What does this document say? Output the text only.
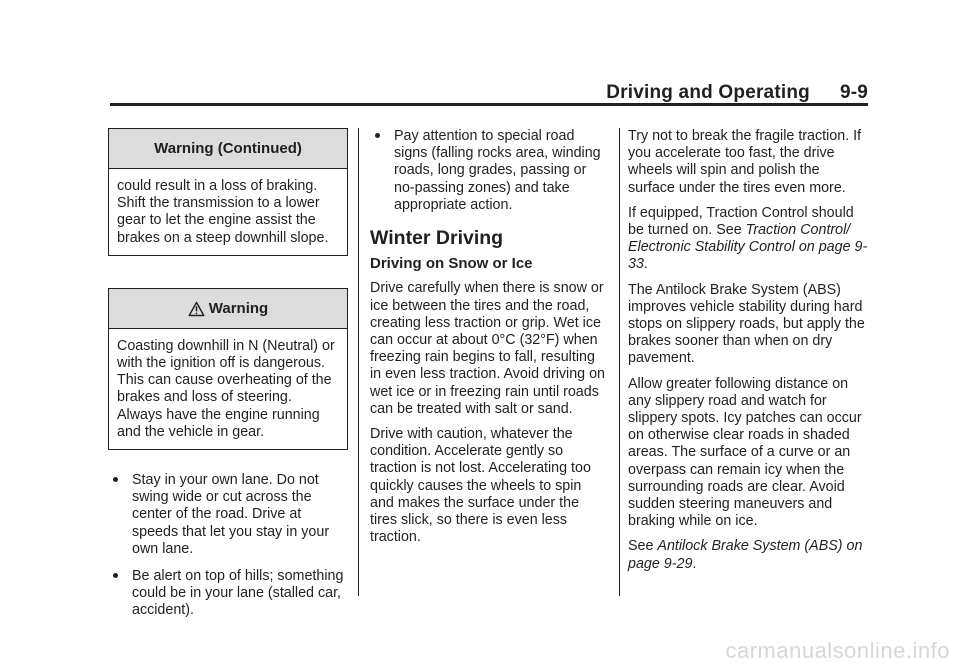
Driving and Operating 9-9
Warning (Continued)
could result in a loss of braking. Shift the transmission to a lower gear to let the engine assist the brakes on a steep downhill slope.
Warning
Coasting downhill in N (Neutral) or with the ignition off is dangerous. This can cause overheating of the brakes and loss of steering. Always have the engine running and the vehicle in gear.
Stay in your own lane. Do not swing wide or cut across the center of the road. Drive at speeds that let you stay in your own lane.
Be alert on top of hills; something could be in your lane (stalled car, accident).
Pay attention to special road signs (falling rocks area, winding roads, long grades, passing or no-passing zones) and take appropriate action.
Winter Driving
Driving on Snow or Ice

Drive carefully when there is snow or ice between the tires and the road, creating less traction or grip. Wet ice can occur at about 0°C (32°F) when freezing rain begins to fall, resulting in even less traction. Avoid driving on wet ice or in freezing rain until roads can be treated with salt or sand.

Drive with caution, whatever the condition. Accelerate gently so traction is not lost. Accelerating too quickly causes the wheels to spin and makes the surface under the tires slick, so there is even less traction.

Try not to break the fragile traction. If you accelerate too fast, the drive wheels will spin and polish the surface under the tires even more.

If equipped, Traction Control should be turned on. See Traction Control/ Electronic Stability Control on page 9-33.

The Antilock Brake System (ABS) improves vehicle stability during hard stops on slippery roads, but apply the brakes sooner than when on dry pavement.

Allow greater following distance on any slippery road and watch for slippery spots. Icy patches can occur on otherwise clear roads in shaded areas. The surface of a curve or an overpass can remain icy when the surrounding roads are clear. Avoid sudden steering maneuvers and braking while on ice.

See Antilock Brake System (ABS) on page 9-29.

carmanualsonline.info
